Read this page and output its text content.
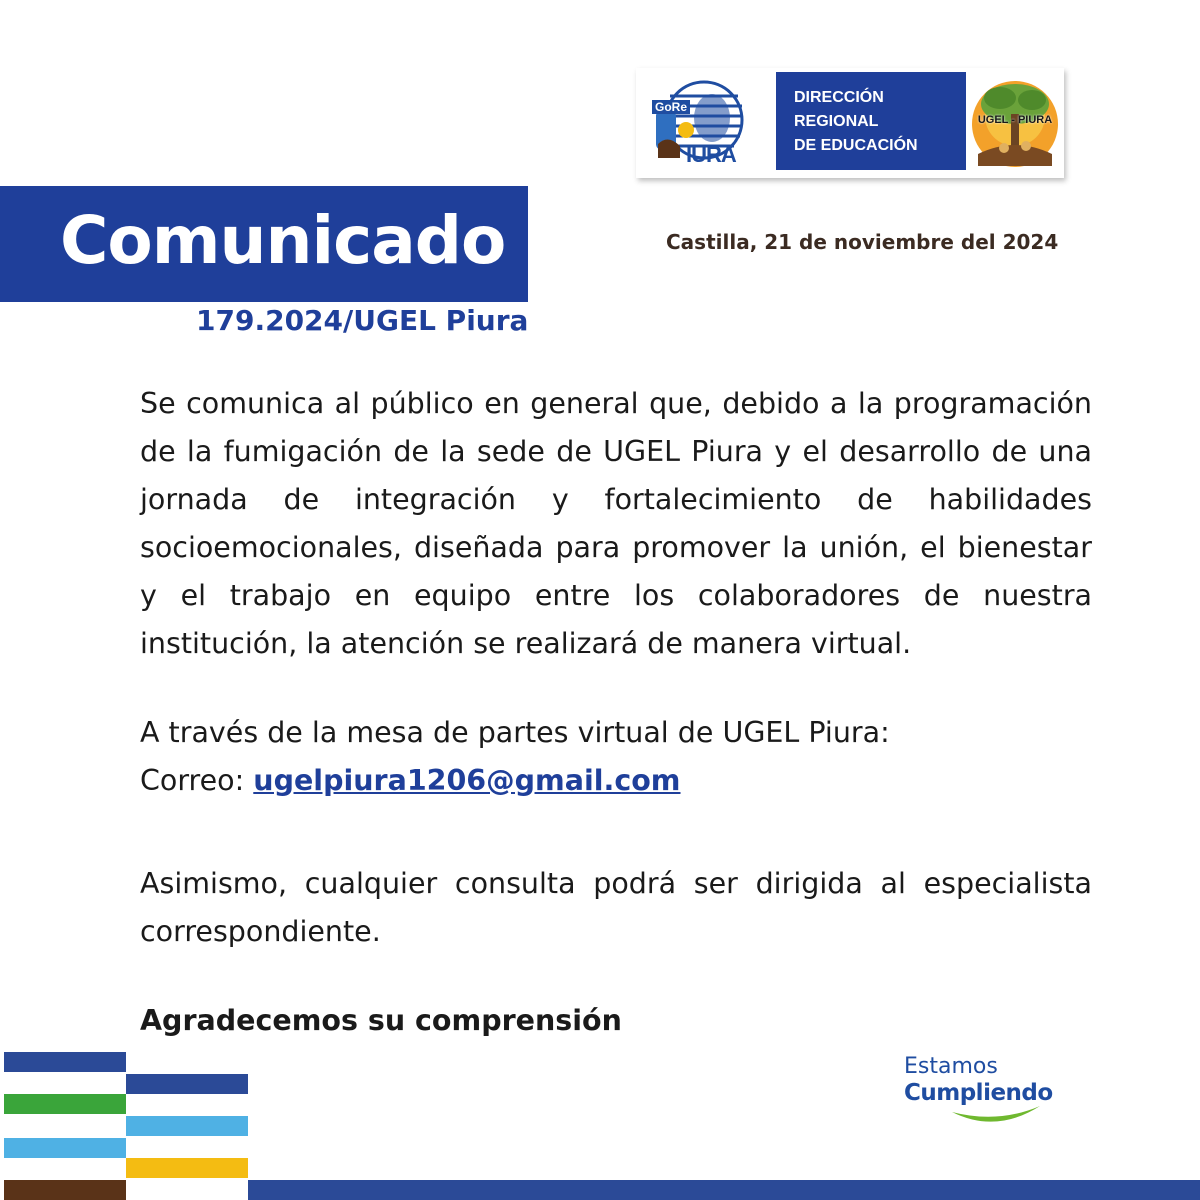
GoRe
IURA
DIRECCIÓN
REGIONAL
DE EDUCACIÓN
UGEL - PIURA
Comunicado
179.2024/UGEL Piura
Castilla, 21 de noviembre del 2024
Se comunica al público en general que, debido a la programación de la fumigación de la sede de UGEL Piura y el desarrollo de una jornada de integración y fortalecimiento de habilidades socioemocionales, diseñada para promover la unión, el bienestar y el trabajo en equipo entre los colaboradores de nuestra institución, la atención se realizará de manera virtual.
A través de la mesa de partes virtual de UGEL Piura:
Correo: ugelpiura1206@gmail.com
Asimismo, cualquier consulta podrá ser dirigida al especialista correspondiente.
Agradecemos su comprensión
Estamos
Cumpliendo
